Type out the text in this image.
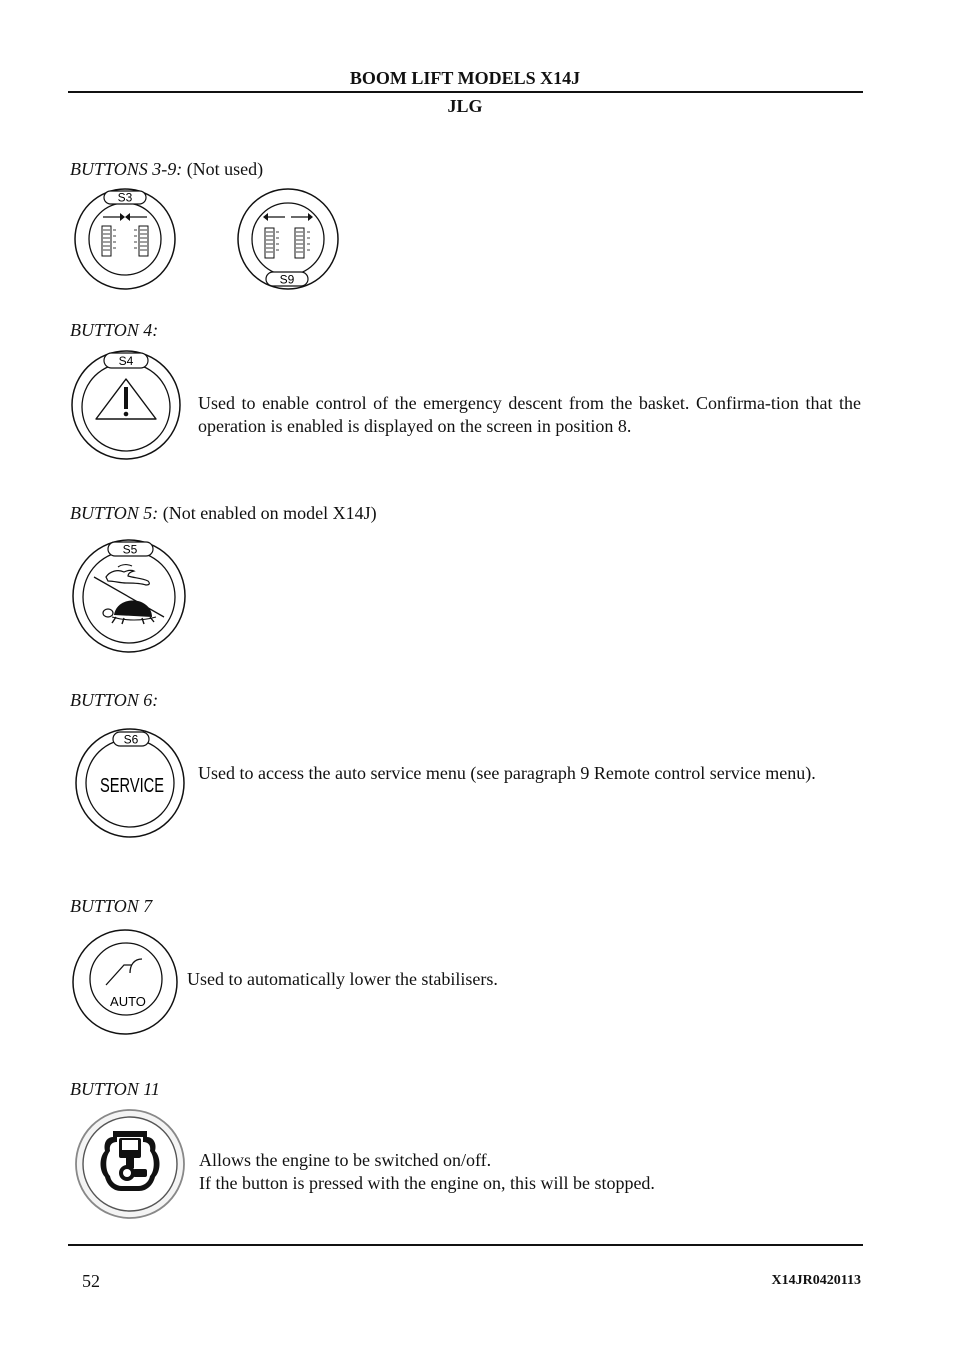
BOOM LIFT MODELS X14J
JLG
BUTTONS 3-9: (Not used)
S3
S9
BUTTON 4:
S4
Used to enable control of the emergency descent from the basket. Confirma-tion that the operation is enabled is displayed on the screen in position 8.
BUTTON 5: (Not enabled on model X14J)
S5
BUTTON 6:
S6
SERVICE
Used to access the auto service menu (see paragraph 9 Remote control service menu).
BUTTON 7
AUTO
Used to automatically lower the stabilisers.
BUTTON 11
Allows the engine to be switched on/off.
If the button is pressed with the engine on, this will be stopped.
52	X14JR0420113
